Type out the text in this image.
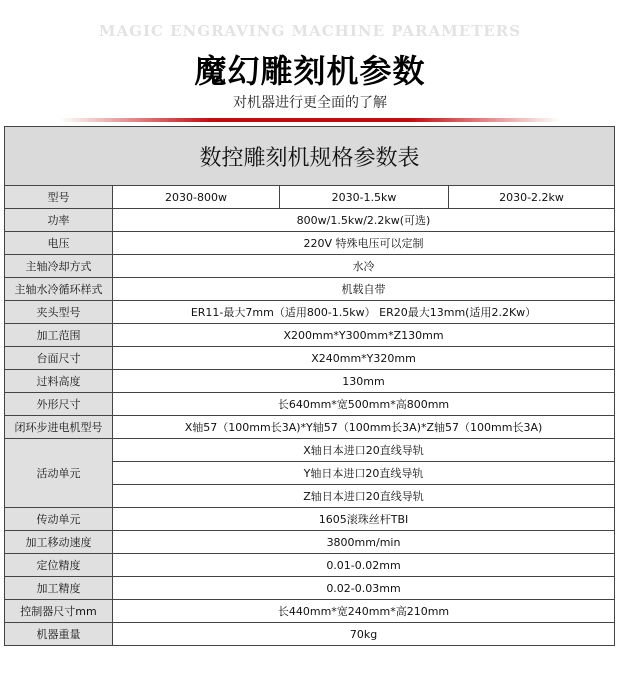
MAGIC ENGRAVING MACHINE PARAMETERS
魔幻雕刻机参数
对机器进行更全面的了解
数控雕刻机规格参数表			
型号	2030-800w	2030-1.5kw	2030-2.2kw
功率	800w/1.5kw/2.2kw(可选)		
电压	220V 特殊电压可以定制		
主轴冷却方式	水冷		
主轴水冷循环样式	机载自带		
夹头型号	ER11-最大7mm（适用800-1.5kw） ER20最大13mm(适用2.2Kw）		
加工范围	X200mm*Y300mm*Z130mm		
台面尺寸	X240mm*Y320mm		
过料高度	130mm		
外形尺寸	长640mm*宽500mm*高800mm		
闭环步进电机型号	X轴57（100mm长3A)*Y轴57（100mm长3A)*Z轴57（100mm长3A)		
活动单元	X轴日本进口20直线导轨		
	Y轴日本进口20直线导轨		
	Z轴日本进口20直线导轨		
传动单元	1605滚珠丝杆TBI		
加工移动速度	3800mm/min		
定位精度	0.01-0.02mm		
加工精度	0.02-0.03mm		
控制器尺寸mm	长440mm*宽240mm*高210mm		
机器重量	70kg		
